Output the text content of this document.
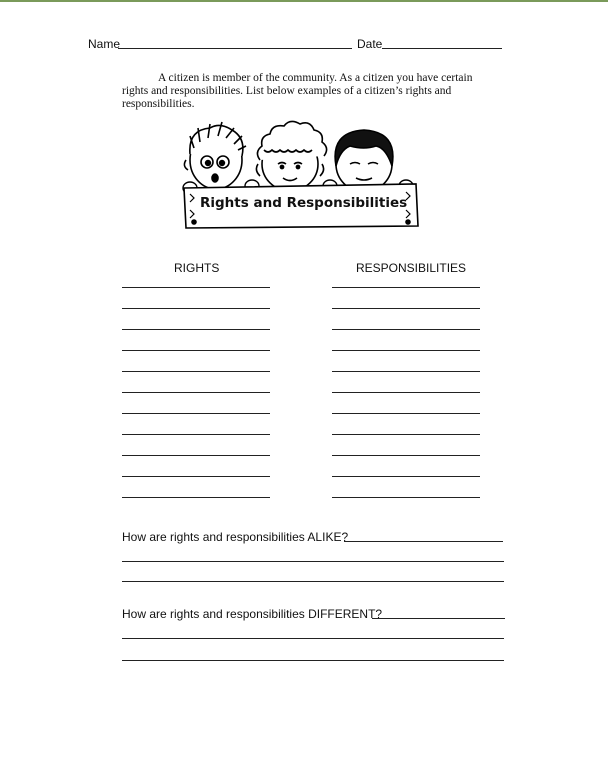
Name	Date
A citizen is member of the community. As a citizen you have certain
rights and responsibilities. List below examples of a citizen’s rights and
responsibilities.
Rights and Responsibilities
RIGHTS	RESPONSIBILITIES
How are rights and responsibilities ALIKE?
How are rights and responsibilities DIFFERENT?
